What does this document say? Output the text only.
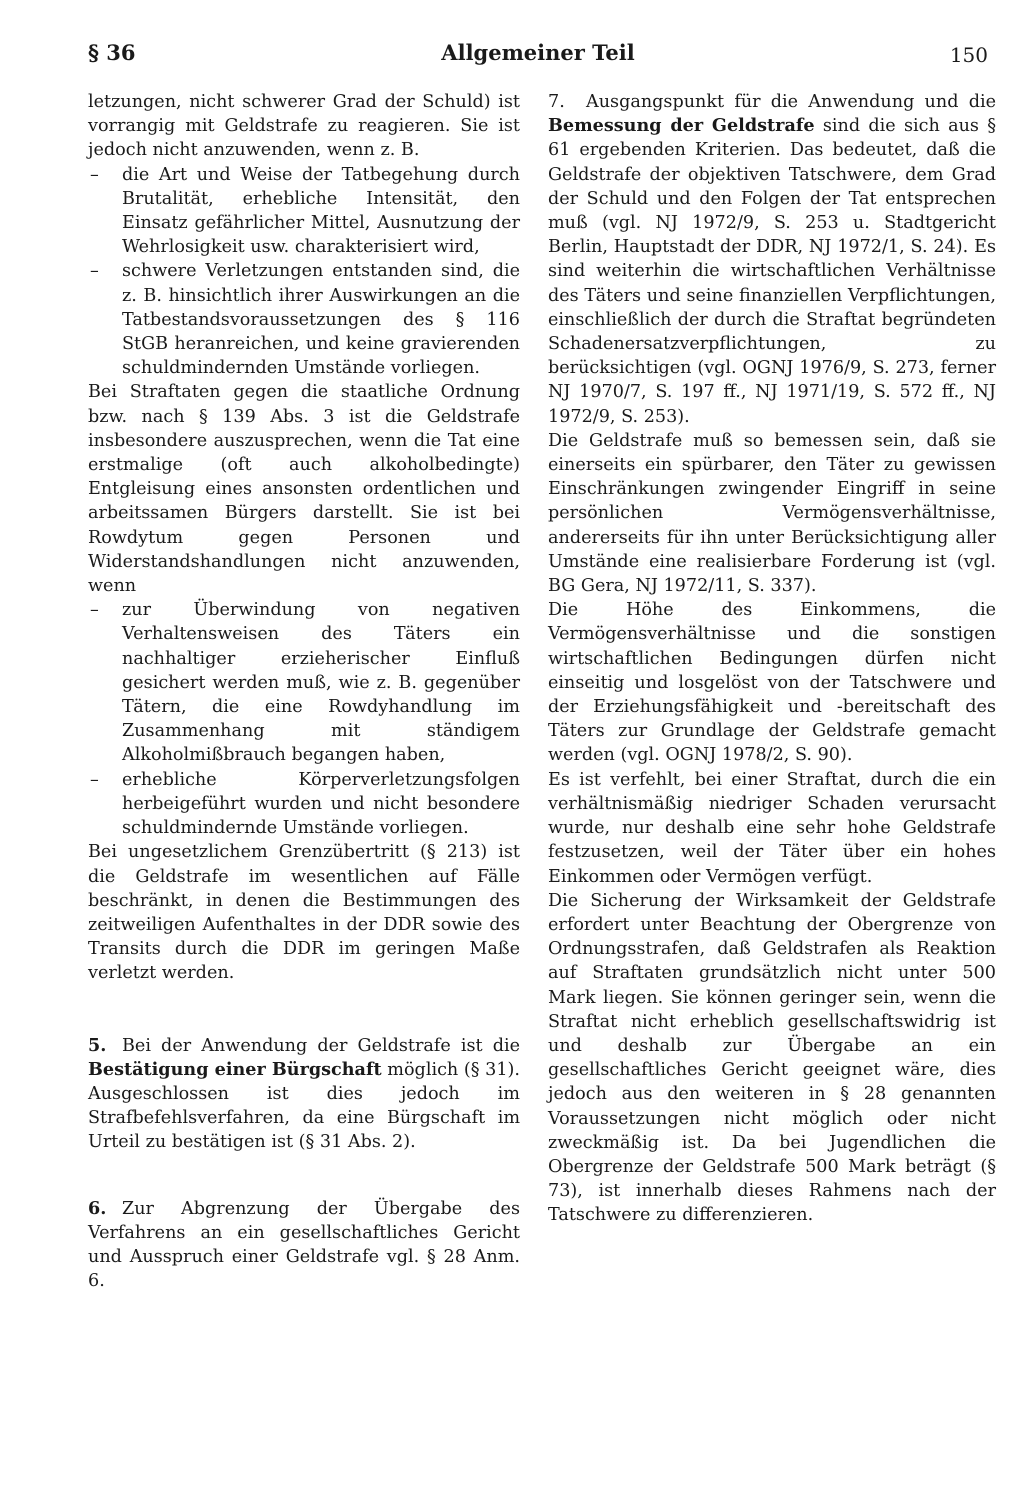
§ 36	Allgemeiner Teil	150

letzungen, nicht schwerer Grad der Schuld) ist vorrangig mit Geldstrafe zu reagieren. Sie ist jedoch nicht anzuwenden, wenn z. B.

– die Art und Weise der Tatbegehung durch Brutalität, erhebliche Intensität, den Einsatz gefährlicher Mittel, Ausnutzung der Wehrlosigkeit usw. charakterisiert wird,
– schwere Verletzungen entstanden sind, die z. B. hinsichtlich ihrer Auswirkungen an die Tatbestandsvoraussetzungen des § 116 StGB heranreichen, und keine gravierenden schuldmindernden Umstände vorliegen.

Bei Straftaten gegen die staatliche Ordnung bzw. nach § 139 Abs. 3 ist die Geldstrafe insbesondere auszusprechen, wenn die Tat eine erstmalige (oft auch alkoholbedingte) Entgleisung eines ansonsten ordentlichen und arbeitssamen Bürgers darstellt. Sie ist bei Rowdytum gegen Personen und Widerstandshandlungen nicht anzuwenden, wenn

– zur Überwindung von negativen Verhaltensweisen des Täters ein nachhaltiger erzieherischer Einfluß gesichert werden muß, wie z. B. gegenüber Tätern, die eine Rowdyhandlung im Zusammenhang mit ständigem Alkoholmißbrauch begangen haben,
– erhebliche Körperverletzungsfolgen herbeigeführt wurden und nicht besondere schuldmindernde Umstände vorliegen.

Bei ungesetzlichem Grenzübertritt (§ 213) ist die Geldstrafe im wesentlichen auf Fälle beschränkt, in denen die Bestimmungen des zeitweiligen Aufenthaltes in der DDR sowie des Transits durch die DDR im geringen Maße verletzt werden.

5. Bei der Anwendung der Geldstrafe ist die Bestätigung einer Bürgschaft möglich (§ 31). Ausgeschlossen ist dies jedoch im Strafbefehlsverfahren, da eine Bürgschaft im Urteil zu bestätigen ist (§ 31 Abs. 2).

6. Zur Abgrenzung der Übergabe des Verfahrens an ein gesellschaftliches Gericht und Ausspruch einer Geldstrafe vgl. § 28 Anm. 6.

7. Ausgangspunkt für die Anwendung und die Bemessung der Geldstrafe sind die sich aus § 61 ergebenden Kriterien. Das bedeutet, daß die Geldstrafe der objektiven Tatschwere, dem Grad der Schuld und den Folgen der Tat entsprechen muß (vgl. NJ 1972/9, S. 253 u. Stadtgericht Berlin, Hauptstadt der DDR, NJ 1972/1, S. 24). Es sind weiterhin die wirtschaftlichen Verhältnisse des Täters und seine finanziellen Verpflichtungen, einschließlich der durch die Straftat begründeten Schadenersatzverpflichtungen, zu berücksichtigen (vgl. OGNJ 1976/9, S. 273, ferner NJ 1970/7, S. 197 ff., NJ 1971/19, S. 572 ff., NJ 1972/9, S. 253).

Die Geldstrafe muß so bemessen sein, daß sie einerseits ein spürbarer, den Täter zu gewissen Einschränkungen zwingender Eingriff in seine persönlichen Vermögensverhältnisse, andererseits für ihn unter Berücksichtigung aller Umstände eine realisierbare Forderung ist (vgl. BG Gera, NJ 1972/11, S. 337).

Die Höhe des Einkommens, die Vermögensverhältnisse und die sonstigen wirtschaftlichen Bedingungen dürfen nicht einseitig und losgelöst von der Tatschwere und der Erziehungsfähigkeit und -bereitschaft des Täters zur Grundlage der Geldstrafe gemacht werden (vgl. OGNJ 1978/2, S. 90).

Es ist verfehlt, bei einer Straftat, durch die ein verhältnismäßig niedriger Schaden verursacht wurde, nur deshalb eine sehr hohe Geldstrafe festzusetzen, weil der Täter über ein hohes Einkommen oder Vermögen verfügt.

Die Sicherung der Wirksamkeit der Geldstrafe erfordert unter Beachtung der Obergrenze von Ordnungsstrafen, daß Geldstrafen als Reaktion auf Straftaten grundsätzlich nicht unter 500 Mark liegen. Sie können geringer sein, wenn die Straftat nicht erheblich gesellschaftswidrig ist und deshalb zur Übergabe an ein gesellschaftliches Gericht geeignet wäre, dies jedoch aus den weiteren in § 28 genannten Voraussetzungen nicht möglich oder nicht zweckmäßig ist. Da bei Jugendlichen die Obergrenze der Geldstrafe 500 Mark beträgt (§ 73), ist innerhalb dieses Rahmens nach der Tatschwere zu differenzieren.
